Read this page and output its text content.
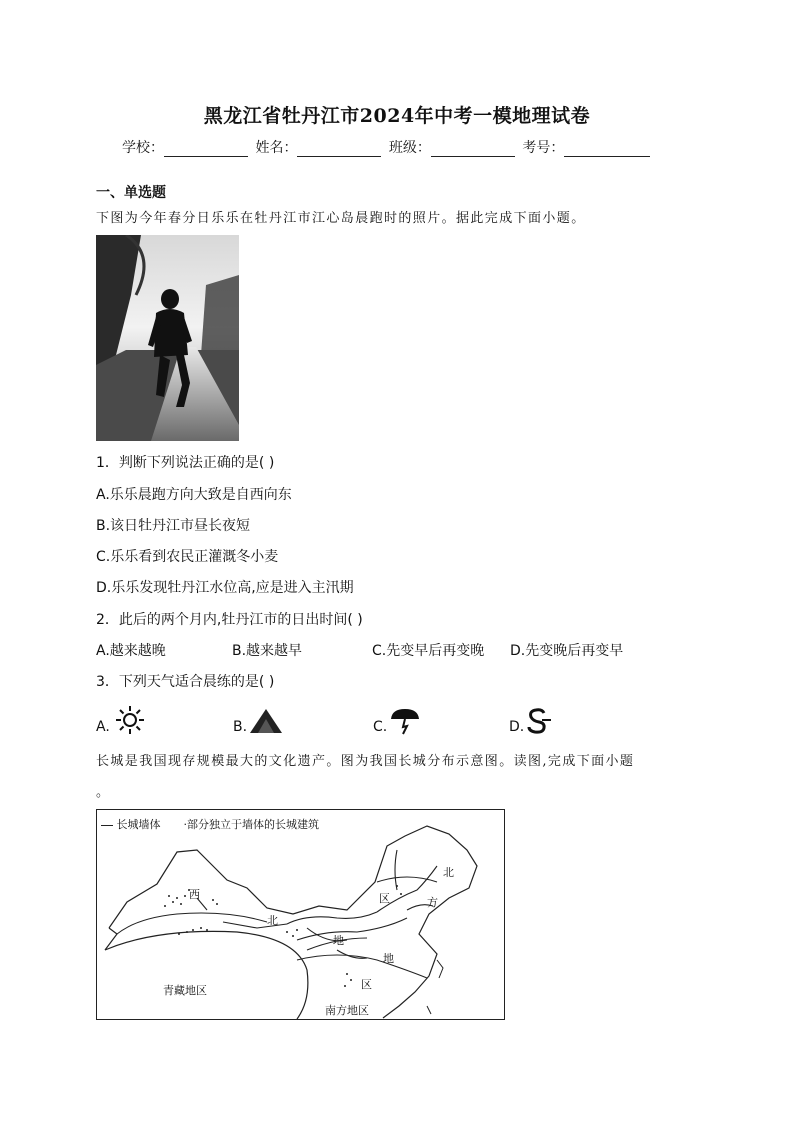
黑龙江省牡丹江市2024年中考一模地理试卷
学校：	姓名：	班级：	考号：
一、单选题
下图为今年春分日乐乐在牡丹江市江心岛晨跑时的照片。据此完成下面小题。
1．判断下列说法正确的是( )
A.乐乐晨跑方向大致是自西向东
B.该日牡丹江市昼长夜短
C.乐乐看到农民正灌溉冬小麦
D.乐乐发现牡丹江水位高,应是进入主汛期
2．此后的两个月内,牡丹江市的日出时间( )
A.越来越晚	B.越来越早	C.先变早后再变晚 D.先变晚后再变早
3．下列天气适合晨练的是( )
A.	B.	C.	D.
长城是我国现存规模最大的文化遗产。图为我国长城分布示意图。读图,完成下面小题
。
长城墙体 ·部分独立于墙体的长城建筑
西
北
地
区
北
方
地
区
青藏地区
南方地区
